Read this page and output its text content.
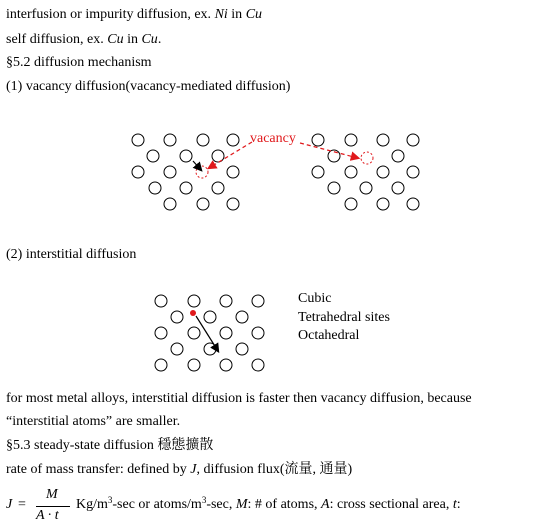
interfusion or impurity diffusion, ex. Ni in Cu
self diffusion, ex. Cu in Cu.
§5.2 diffusion mechanism
(1) vacancy diffusion(vacancy-mediated diffusion)
vacancy
(2) interstitial diffusion
Cubic
Tetrahedral sites
Octahedral
for most metal alloys, interstitial diffusion is faster then vacancy diffusion, because
“interstitial atoms” are smaller.
§5.3 steady-state diffusion 穩態擴散
rate of mass transfer: defined by J, diffusion flux(流量, 通量)
J =
M
A · t
$Kg/m^3-\sec$ or atoms/$m^3-\sec$, M: # of atoms, A: cross sectional area, t:
